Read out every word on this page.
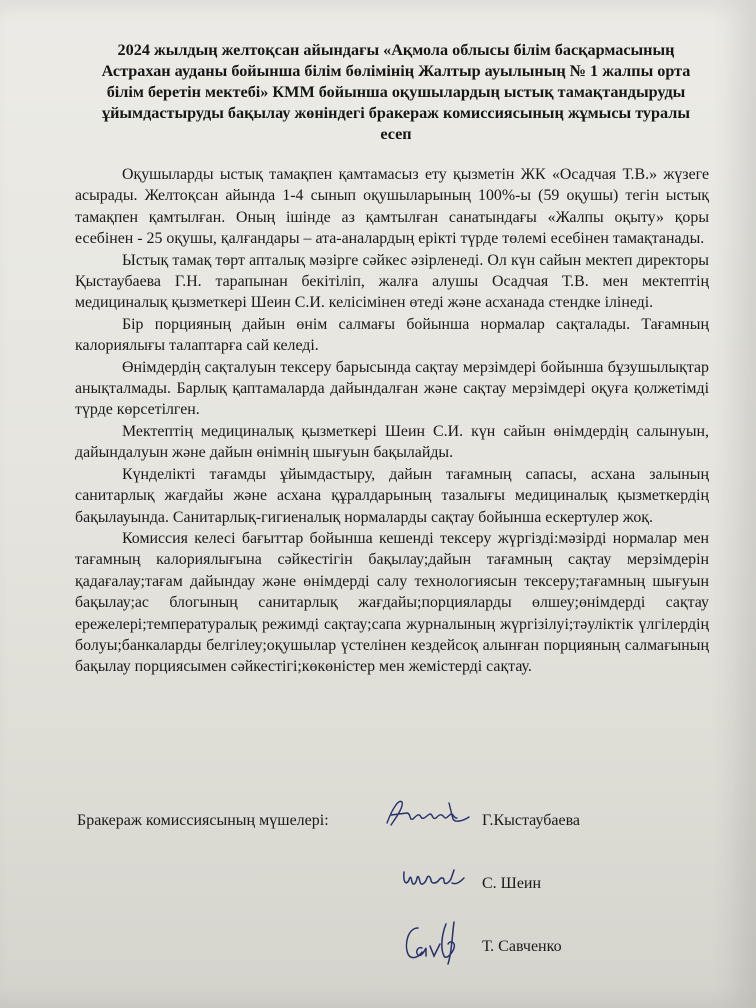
2024 жылдың желтоқсан айындағы «Ақмола облысы білім басқармасының Астрахан ауданы бойынша білім бөлімінің Жалтыр ауылының № 1 жалпы орта білім беретін мектебі» КММ бойынша оқушылардың ыстық тамақтандыруды ұйымдастыруды бақылау жөніндегі бракераж комиссиясының жұмысы туралы есеп

Оқушыларды ыстық тамақпен қамтамасыз ету қызметін ЖК «Осадчая Т.В.» жүзеге асырады. Желтоқсан айында 1-4 сынып оқушыларының 100%-ы (59 оқушы) тегін ыстық тамақпен қамтылған. Оның ішінде аз қамтылған санатындағы «Жалпы оқыту» қоры есебінен - 25 оқушы, қалғандары – ата-аналардың ерікті түрде төлемі есебінен тамақтанады.

Ыстық тамақ төрт апталық мәзірге сәйкес әзірленеді. Ол күн сайын мектеп директоры Қыстаубаева Г.Н. тарапынан бекітіліп, жалға алушы Осадчая Т.В. мен мектептің медициналық қызметкері Шеин С.И. келісімінен өтеді және асханада стендке ілінеді.

Бір порцияның дайын өнім салмағы бойынша нормалар сақталады. Тағамның калориялығы талаптарға сай келеді.

Өнімдердің сақталуын тексеру барысында сақтау мерзімдері бойынша бұзушылықтар анықталмады. Барлық қаптамаларда дайындалған және сақтау мерзімдері оқуға қолжетімді түрде көрсетілген.

Мектептің медициналық қызметкері Шеин С.И. күн сайын өнімдердің салынуын, дайындалуын және дайын өнімнің шығуын бақылайды.

Күнделікті тағамды ұйымдастыру, дайын тағамның сапасы, асхана залының санитарлық жағдайы және асхана құралдарының тазалығы медициналық қызметкердің бақылауында. Санитарлық-гигиеналық нормаларды сақтау бойынша ескертулер жоқ.

Комиссия келесі бағыттар бойынша кешенді тексеру жүргізді:мәзірді нормалар мен тағамның калориялығына сәйкестігін бақылау;дайын тағамның сақтау мерзімдерін қадағалау;тағам дайындау және өнімдерді салу технологиясын тексеру;тағамның шығуын бақылау;ас блогының санитарлық жағдайы;порцияларды өлшеу;өнімдерді сақтау ережелері;температуралық режимді сақтау;сапа журналының жүргізілуі;тәуліктік үлгілердің болуы;банкаларды белгілеу;оқушылар үстелінен кездейсоқ алынған порцияның салмағының бақылау порциясымен сәйкестігі;көкөністер мен жемістерді сақтау.

Бракераж комиссиясының мүшелері:	Г.Кыстаубаева
С. Шеин
Т. Савченко
